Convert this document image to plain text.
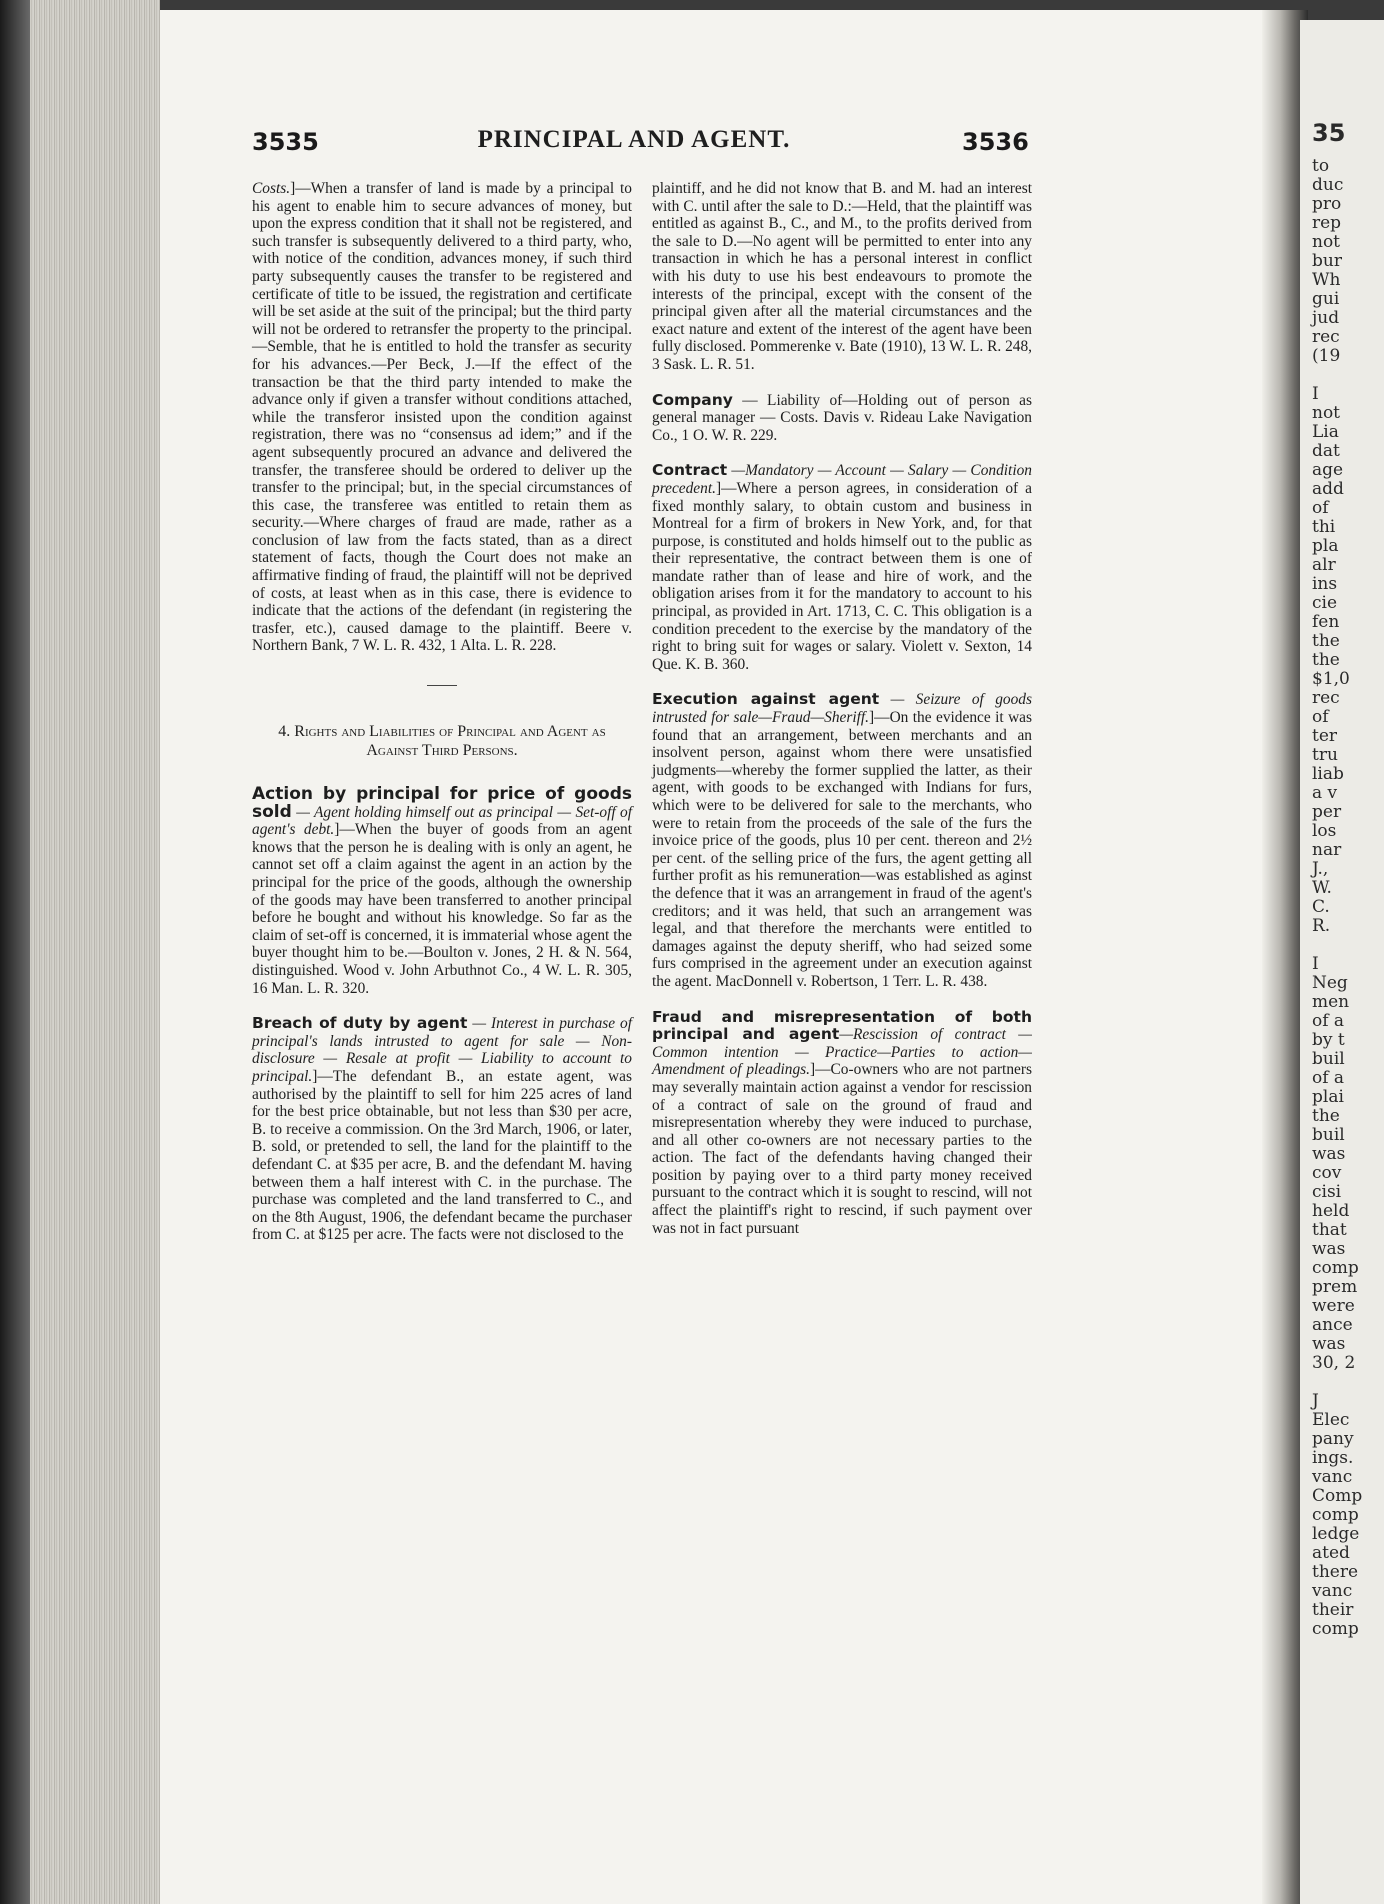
35
to
duc
pro
rep
not
bur
Wh
gui
jud
rec
(19

I
not
Lia
dat
age
add
of
thi
pla
alr
ins
cie
fen
the
the
$1,0
rec
of
ter
tru
liab
a v
per
los
nar
J.,
W.
C.
R.

I
Neg
men
of a
by t
buil
of a
plai
the
buil
was
cov
cisi
held
that
was
comp
prem
were
ance
was
30, 2

J
Elec
pany
ings.
vanc
Comp
comp
ledge
ated
there
vanc
their
comp
3535	PRINCIPAL AND AGENT.	3536

Costs.]—When a transfer of land is made by a principal to his agent to enable him to secure advances of money, but upon the express condition that it shall not be registered, and such transfer is subsequently delivered to a third party, who, with notice of the condition, advances money, if such third party subsequently causes the transfer to be registered and certificate of title to be issued, the registration and certificate will be set aside at the suit of the principal; but the third party will not be ordered to retransfer the property to the principal.—Semble, that he is entitled to hold the transfer as security for his advances.—Per Beck, J.—If the effect of the transaction be that the third party intended to make the advance only if given a transfer without conditions attached, while the transferor insisted upon the condition against registration, there was no “consensus ad idem;” and if the agent subsequently procured an advance and delivered the transfer, the transferee should be ordered to deliver up the transfer to the principal; but, in the special circumstances of this case, the transferee was entitled to retain them as security.—Where charges of fraud are made, rather as a conclusion of law from the facts stated, than as a direct statement of facts, though the Court does not make an affirmative finding of fraud, the plaintiff will not be deprived of costs, at least when as in this case, there is evidence to indicate that the actions of the defendant (in registering the trasfer, etc.), caused damage to the plaintiff. Beere v. Northern Bank, 7 W. L. R. 432, 1 Alta. L. R. 228.

4. Rights and Liabilities of Principal and Agent as Against Third Persons.

Action by principal for price of goods sold — Agent holding himself out as principal — Set-off of agent's debt.]—When the buyer of goods from an agent knows that the person he is dealing with is only an agent, he cannot set off a claim against the agent in an action by the principal for the price of the goods, although the ownership of the goods may have been transferred to another principal before he bought and without his knowledge. So far as the claim of set-off is concerned, it is immaterial whose agent the buyer thought him to be.—Boulton v. Jones, 2 H. & N. 564, distinguished. Wood v. John Arbuthnot Co., 4 W. L. R. 305, 16 Man. L. R. 320.

Breach of duty by agent — Interest in purchase of principal's lands intrusted to agent for sale — Non-disclosure — Resale at profit — Liability to account to principal.]—The defendant B., an estate agent, was authorised by the plaintiff to sell for him 225 acres of land for the best price obtainable, but not less than $30 per acre, B. to receive a commission. On the 3rd March, 1906, or later, B. sold, or pretended to sell, the land for the plaintiff to the defendant C. at $35 per acre, B. and the defendant M. having between them a half interest with C. in the purchase. The purchase was completed and the land transferred to C., and on the 8th August, 1906, the defendant became the purchaser from C. at $125 per acre. The facts were not disclosed to the

plaintiff, and he did not know that B. and M. had an interest with C. until after the sale to D.:—Held, that the plaintiff was entitled as against B., C., and M., to the profits derived from the sale to D.—No agent will be permitted to enter into any transaction in which he has a personal interest in conflict with his duty to use his best endeavours to promote the interests of the principal, except with the consent of the principal given after all the material circumstances and the exact nature and extent of the interest of the agent have been fully disclosed. Pommerenke v. Bate (1910), 13 W. L. R. 248, 3 Sask. L. R. 51.

Company — Liability of—Holding out of person as general manager — Costs. Davis v. Rideau Lake Navigation Co., 1 O. W. R. 229.

Contract —Mandatory — Account — Salary — Condition precedent.]—Where a person agrees, in consideration of a fixed monthly salary, to obtain custom and business in Montreal for a firm of brokers in New York, and, for that purpose, is constituted and holds himself out to the public as their representative, the contract between them is one of mandate rather than of lease and hire of work, and the obligation arises from it for the mandatory to account to his principal, as provided in Art. 1713, C. C. This obligation is a condition precedent to the exercise by the mandatory of the right to bring suit for wages or salary. Violett v. Sexton, 14 Que. K. B. 360.

Execution against agent — Seizure of goods intrusted for sale—Fraud—Sheriff.]—On the evidence it was found that an arrangement, between merchants and an insolvent person, against whom there were unsatisfied judgments—whereby the former supplied the latter, as their agent, with goods to be exchanged with Indians for furs, which were to be delivered for sale to the merchants, who were to retain from the proceeds of the sale of the furs the invoice price of the goods, plus 10 per cent. thereon and 2½ per cent. of the selling price of the furs, the agent getting all further profit as his remuneration—was established as aginst the defence that it was an arrangement in fraud of the agent's creditors; and it was held, that such an arrangement was legal, and that therefore the merchants were entitled to damages against the deputy sheriff, who had seized some furs comprised in the agreement under an execution against the agent. MacDonnell v. Robertson, 1 Terr. L. R. 438.

Fraud and misrepresentation of both principal and agent—Rescission of contract — Common intention — Practice—Parties to action—Amendment of pleadings.]—Co-owners who are not partners may severally maintain action against a vendor for rescission of a contract of sale on the ground of fraud and misrepresentation whereby they were induced to purchase, and all other co-owners are not necessary parties to the action. The fact of the defendants having changed their position by paying over to a third party money received pursuant to the contract which it is sought to rescind, will not affect the plaintiff's right to rescind, if such payment over was not in fact pursuant
